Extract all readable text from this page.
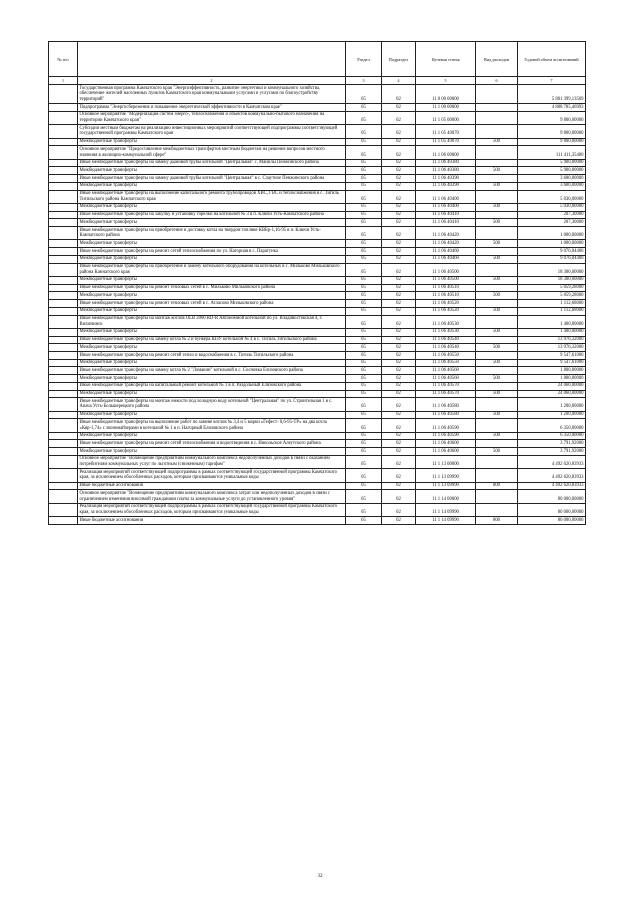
№ п/п		Раздел	Подраздел	Целевая статья	Вид расходов	Годовой объем ассигнований
1	2	3	4	5	6	7
	Государственная программа Камчатского края "Энергоэффективность, развитие энергетики и коммунального хозяйства, обеспечение жителей населенных пунктов Камчатского края коммунальными услугами и услугами по благоустройству территорий"	05	02	11 0 00 00000		5 801 399,13569
	Подпрограмма "Энергосбережение и повышение энергетической эффективности в Камчатском крае"	05	02	11 1 00 00000		4 888 785,46993
	Основное мероприятие "Модернизация систем энерго-, теплоснабжения и объектов коммунально-бытового назначения на территории Камчатского края"	05	02	11 1 05 00000		9 800,00000
	Субсидии местным бюджетам на реализацию инвестиционных мероприятий соответствующей подпрограммы соответствующей государственной программы Камчатского края	05	02	11 1 05 40070		9 800,00000
	Межбюджетные трансферты	05	02	11 1 05 40070	500	9 800,00000
	Основное мероприятие "Предоставление межбюджетных трансфертов местным бюджетам на решение вопросов местного значения в жилищно-коммунальной сфере"	05	02	11 1 06 00000		111 411,35400
	Иные межбюджетные трансферты на замену дымовой трубы котельной "Центральная" с. Манилы Пенжинского района	05	02	11 1 06 40380		5 900,00000
	Межбюджетные трансферты	05	02	11 1 06 40380	500	5 900,00000
	Иные межбюджетные трансферты на замену дымовой трубы котельной "Центральная" в с. Слаутное Пенжинского района	05	02	11 1 06 40390		3 600,00000
	Межбюджетные трансферты	05	02	11 1 06 40390	500	3 600,00000
	Иные межбюджетные трансферты на выполнение капитального ремонта трубопроводов ХВС, ГВС и теплоснабжения в с. Тигиль Тигильского района Камчатского края	05	02	11 1 06 40400		5 030,00000
	Межбюджетные трансферты	05	02	11 1 06 40400	500	5 030,00000
	Иные межбюджетные трансферты на закупку и установку горелки на котельной № 3 в п. Ключи Усть-Камчатского района	05	02	11 1 06 40410		207,30000
	Межбюджетные трансферты	05	02	11 1 06 40410	500	207,30000
	Иные межбюджетные трансферты на приобретение и доставку котла на твердом топливе КВБр-1,16-95 в п. Ключи Усть-Камчатского района	05	02	11 1 06 40420		1 000,00000
	Межбюджетные трансферты	05	02	11 1 06 40420	500	1 000,00000
	Иные межбюджетные трансферты на ремонт сетей теплоснабжения по ул. Нагорная в с. Паратунка	05	02	11 1 06 40460		9 076,04400
	Межбюджетные трансферты	05	02	11 1 06 40460	500	9 076,04400
	Иные межбюджетные трансферты на приобретение и замену котельного оборудования на котельных в с. Мильково Мильковского района Камчатского края	05	02	11 1 06 40500		18 300,00000
	Межбюджетные трансферты	05	02	11 1 06 40500	500	18 300,00000
	Иные межбюджетные трансферты на ремонт тепловых сетей в с. Мильково Мильковского района	05	02	11 1 06 40510		5 059,28000
	Межбюджетные трансферты	05	02	11 1 06 40510	500	5 059,28000
	Иные межбюджетные трансферты на ремонт тепловых сетей в с. Атласово Мильковского района	05	02	11 1 06 40520		1 112,68000
	Межбюджетные трансферты	05	02	11 1 06 40520	500	1 112,68000
	Иные межбюджетные трансферты на монтаж котлов OLB 2000 RD-R Автономной котельной по ул. Владивостокская 4, г. Вилючинск	05	02	11 1 06 40530		1 400,00000
	Межбюджетные трансферты	05	02	11 1 06 40530	500	1 400,00000
	Иные межбюджетные трансферты на замену котла № 2 и бункера ШЗУ котельной № 4 в с. Тигиль Тигильского района	05	02	11 1 06 40540		13 976,32000
	Межбюджетные трансферты	05	02	11 1 06 40540	500	13 976,32000
	Иные межбюджетные трансферты на ремонт сетей тепло и водоснабжения в с. Тигиль Тигильского района	05	02	11 1 06 40550		9 547,61000
	Межбюджетные трансферты	05	02	11 1 06 40550	500	9 547,61000
	Иные межбюджетные трансферты на замену котла № 2 "Ломакин" котельной в с. Сосновка Елизовского района	05	02	11 1 06 40560		1 800,00000
	Межбюджетные трансферты	05	02	11 1 06 40560	500	1 800,00000
	Иные межбюджетные трансферты на капитальный ремонт котельной № 1 в п. Раздольный Елизовского района	05	02	11 1 06 40570		24 060,00000
	Межбюджетные трансферты	05	02	11 1 06 40570	500	24 060,00000
	Иные межбюджетные трансферты на монтаж емкости под холодную воду котельной "Центральная" по ул. Строительная 1 в с. Апача Усть-Большерецкого района	05	02	11 1 06 40580		1 200,00000
	Межбюджетные трансферты	05	02	11 1 06 40580	500	1 200,00000
	Иные межбюджетные трансферты на выполнение работ по замене котлов № 3,4 и 5 марки «Гефест- 0,6-95-ТР» на два котла «Квр-1,74» с экономайзерами в котельной № 1 в п. Нагорный Елизовского района	05	02	11 1 06 40590		6 350,00000
	Межбюджетные трансферты	05	02	11 1 06 40590	500	6 350,00000
	Иные межбюджетные трансферты на ремонт сетей теплоснабжения и водоотведения в с. Никольское Алеутского района	05	02	11 1 06 40600		3 791,92000
	Межбюджетные трансферты	05	02	11 1 06 40600	500	3 791,92000
	Основное мероприятие "Возмещение предприятиям коммунального комплекса недополученных доходов в связи с оказанием потребителям коммунальных услуг по льготным (сниженным) тарифам"	05	02	11 1 13 00000		4 492 620,83933
	Реализация мероприятий соответствующей подпрограммы в рамках соответствующей государственной программы Камчатского края, за исключением обособленных расходов, которым присваиваются уникальные коды	05	02	11 1 13 09990		4 492 620,83933
	Иные бюджетные ассигнования	05	02	11 1 13 09990	800	4 492 620,83933
	Основное мероприятие "Возмещение предприятиям коммунального комплекса затрат или недополученных доходов в связи с ограничением изменения вносимой гражданами платы за коммунальные услуги до установленного уровня"	05	02	11 1 14 00000		80 000,00000
	Реализация мероприятий соответствующей подпрограммы в рамках соответствующей государственной программы Камчатского края, за исключением обособленных расходов, которым присваиваются уникальные коды	05	02	11 1 14 09990		80 000,00000
	Иные бюджетные ассигнования	05	02	11 1 14 09990	800	80 000,00000
32
